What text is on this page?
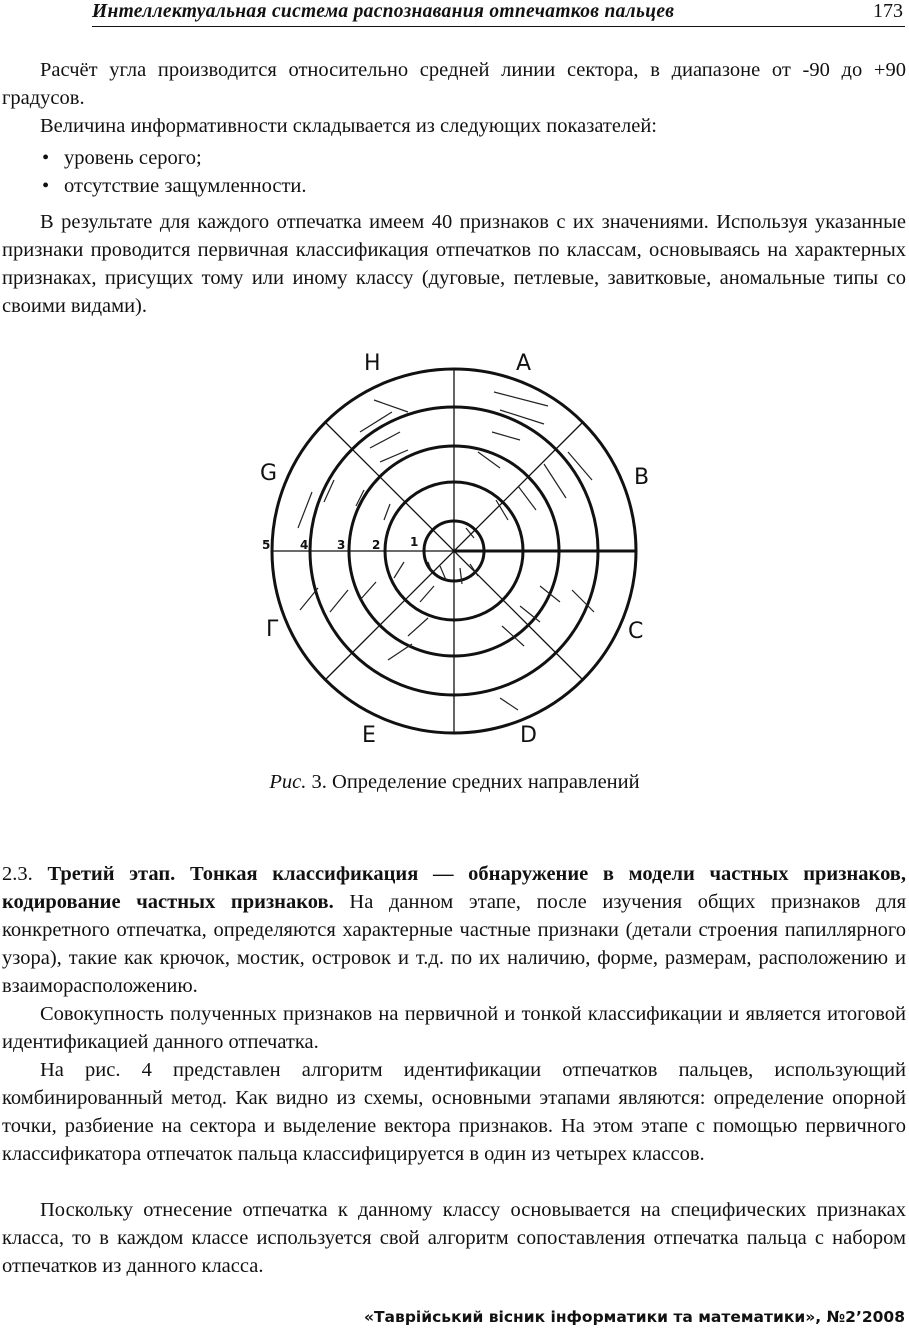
Интеллектуальная система распознавания отпечатков пальцев	173

Расчёт угла производится относительно средней линии сектора, в диапазоне от -90 до +90 градусов.

Величина информативности складывается из следующих показателей:

• уровень серого;
• отсутствие защумленности.

В результате для каждого отпечатка имеем 40 признаков с их значениями. Используя указанные признаки проводится первичная классификация отпечатков по классам, основываясь на характерных признаках, присущих тому или иному классу (дуговые, петлевые, завитковые, аномальные типы со своими видами).

H	A
B
C
D
E
Г
G
1
2
3
4
5
Рис. 3. Определение средних направлений

2.3. Третий этап. Тонкая классификация — обнаружение в модели частных признаков, кодирование частных признаков. На данном этапе, после изучения общих признаков для конкретного отпечатка, определяются характерные частные признаки (детали строения папиллярного узора), такие как крючок, мостик, островок и т.д. по их наличию, форме, размерам, расположению и взаиморасположению.

Совокупность полученных признаков на первичной и тонкой классификации и является итоговой идентификацией данного отпечатка.

На рис. 4 представлен алгоритм идентификации отпечатков пальцев, использующий комбинированный метод. Как видно из схемы, основными этапами являются: определение опорной точки, разбиение на сектора и выделение вектора признаков. На этом этапе с помощью первичного классификатора отпечаток пальца классифицируется в один из четырех классов.

Поскольку отнесение отпечатка к данному классу основывается на специфических признаках класса, то в каждом классе используется свой алгоритм сопоставления отпечатка пальца с набором отпечатков из данного класса.

«Таврійський вісник інформатики та математики», №2’2008
